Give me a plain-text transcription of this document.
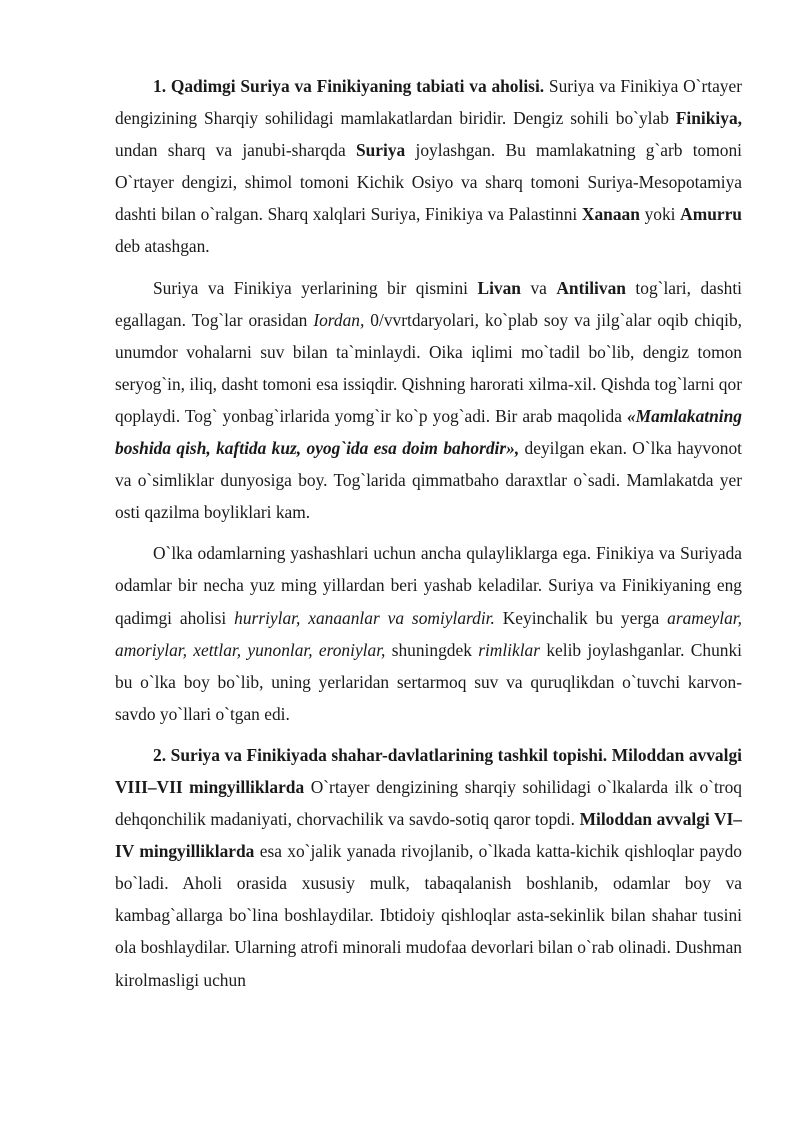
1. Qadimgi Suriya va Finikiyaning tabiati va aholisi. Suriya va Finikiya O`rtayer dengizining Sharqiy sohilidagi mamlakatlardan biridir. Dengiz sohili bo`ylab Finikiya, undan sharq va janubi-sharqda Suriya joylashgan. Bu mamlakatning g`arb tomoni O`rtayer dengizi, shimol tomoni Kichik Osiyo va sharq tomoni Suriya-Mesopotamiya dashti bilan o`ralgan. Sharq xalqlari Suriya, Finikiya va Palastinni Xanaan yoki Amurru deb atashgan.

Suriya va Finikiya yerlarining bir qismini Livan va Antilivan tog`lari, dashti egallagan. Tog`lar orasidan Iordan, 0/vvrtdaryolari, ko`plab soy va jilg`alar oqib chiqib, unumdor vohalarni suv bilan ta`minlaydi. Oika iqlimi mo`tadil bo`lib, dengiz tomon seryog`in, iliq, dasht tomoni esa issiqdir. Qishning harorati xilma-xil. Qishda tog`larni qor qoplaydi. Tog` yonbag`irlarida yomg`ir ko`p yog`adi. Bir arab maqolida «Mamlakatning boshida qish, kaftida kuz, oyog`ida esa doim bahordir», deyilgan ekan. O`lka hayvonot va o`simliklar dunyosiga boy. Tog`larida qimmatbaho daraxtlar o`sadi. Mamlakatda yer osti qazilma boyliklari kam.

O`lka odamlarning yashashlari uchun ancha qulayliklarga ega. Finikiya va Suriyada odamlar bir necha yuz ming yillardan beri yashab keladilar. Suriya va Finikiyaning eng qadimgi aholisi hurriylar, xanaanlar va somiylardir. Keyinchalik bu yerga arameylar, amoriylar, xettlar, yunonlar, eroniylar, shuningdek rimliklar kelib joylashganlar. Chunki bu o`lka boy bo`lib, uning yerlaridan sertarmoq suv va quruqlikdan o`tuvchi karvon-savdo yo`llari o`tgan edi.

2. Suriya va Finikiyada shahar-davlatlarining tashkil topishi. Miloddan avvalgi VIII–VII mingyilliklarda O`rtayer dengizining sharqiy sohilidagi o`lkalarda ilk o`troq dehqonchilik madaniyati, chorvachilik va savdo-sotiq qaror topdi. Miloddan avvalgi VI–IV mingyilliklarda esa xo`jalik yanada rivojlanib, o`lkada katta-kichik qishloqlar paydo bo`ladi. Aholi orasida xususiy mulk, tabaqalanish boshlanib, odamlar boy va kambag`allarga bo`lina boshlaydilar. Ibtidoiy qishloqlar asta-sekinlik bilan shahar tusini ola boshlaydilar. Ularning atrofi minorali mudofaa devorlari bilan o`rab olinadi. Dushman kirolmasligi uchun
